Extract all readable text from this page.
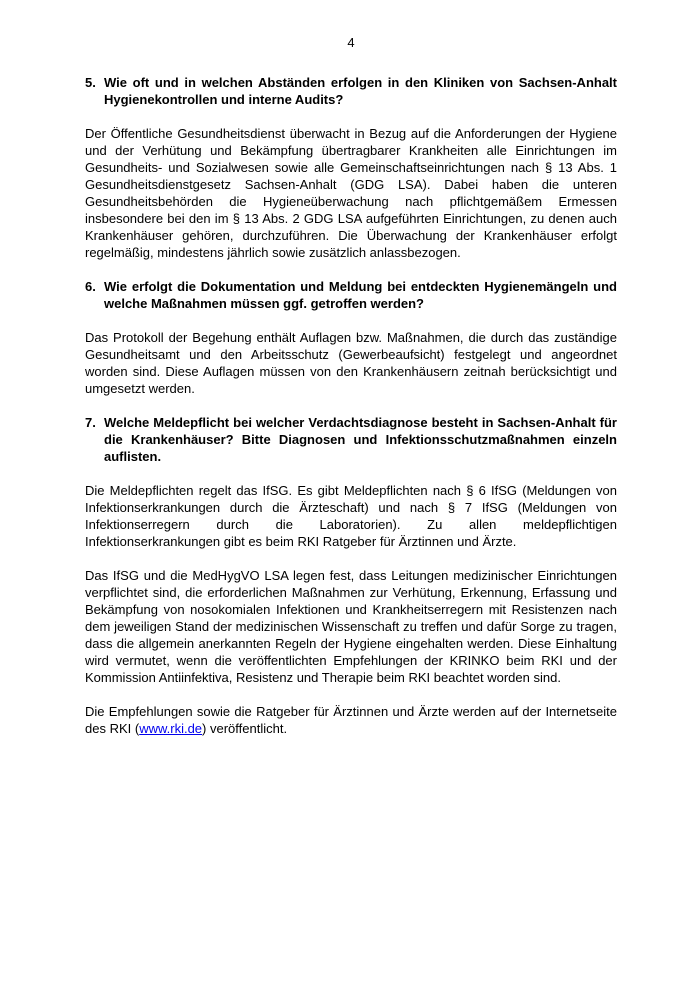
4
5. Wie oft und in welchen Abständen erfolgen in den Kliniken von Sachsen-Anhalt Hygienekontrollen und interne Audits?

Der Öffentliche Gesundheitsdienst überwacht in Bezug auf die Anforderungen der Hygiene und der Verhütung und Bekämpfung übertragbarer Krankheiten alle Einrichtungen im Gesundheits- und Sozialwesen sowie alle Gemeinschaftseinrichtungen nach § 13 Abs. 1 Gesundheitsdienstgesetz Sachsen-Anhalt (GDG LSA). Dabei haben die unteren Gesundheitsbehörden die Hygieneüberwachung nach pflichtgemäßem Ermessen insbesondere bei den im § 13 Abs. 2 GDG LSA aufgeführten Einrichtungen, zu denen auch Krankenhäuser gehören, durchzuführen. Die Überwachung der Krankenhäuser erfolgt regelmäßig, mindestens jährlich sowie zusätzlich anlassbezogen.

6. Wie erfolgt die Dokumentation und Meldung bei entdeckten Hygienemängeln und welche Maßnahmen müssen ggf. getroffen werden?

Das Protokoll der Begehung enthält Auflagen bzw. Maßnahmen, die durch das zuständige Gesundheitsamt und den Arbeitsschutz (Gewerbeaufsicht) festgelegt und angeordnet worden sind. Diese Auflagen müssen von den Krankenhäusern zeitnah berücksichtigt und umgesetzt werden.

7. Welche Meldepflicht bei welcher Verdachtsdiagnose besteht in Sachsen-Anhalt für die Krankenhäuser? Bitte Diagnosen und Infektionsschutzmaßnahmen einzeln auflisten.

Die Meldepflichten regelt das IfSG. Es gibt Meldepflichten nach § 6 IfSG (Meldungen von Infektionserkrankungen durch die Ärzteschaft) und nach § 7 IfSG (Meldungen von Infektionserregern durch die Laboratorien). Zu allen meldepflichtigen Infektionserkrankungen gibt es beim RKI Ratgeber für Ärztinnen und Ärzte.

Das IfSG und die MedHygVO LSA legen fest, dass Leitungen medizinischer Einrichtungen verpflichtet sind, die erforderlichen Maßnahmen zur Verhütung, Erkennung, Erfassung und Bekämpfung von nosokomialen Infektionen und Krankheitserregern mit Resistenzen nach dem jeweiligen Stand der medizinischen Wissenschaft zu treffen und dafür Sorge zu tragen, dass die allgemein anerkannten Regeln der Hygiene eingehalten werden. Diese Einhaltung wird vermutet, wenn die veröffentlichten Empfehlungen der KRINKO beim RKI und der Kommission Antiinfektiva, Resistenz und Therapie beim RKI beachtet worden sind.

Die Empfehlungen sowie die Ratgeber für Ärztinnen und Ärzte werden auf der Internetseite des RKI (www.rki.de) veröffentlicht.
